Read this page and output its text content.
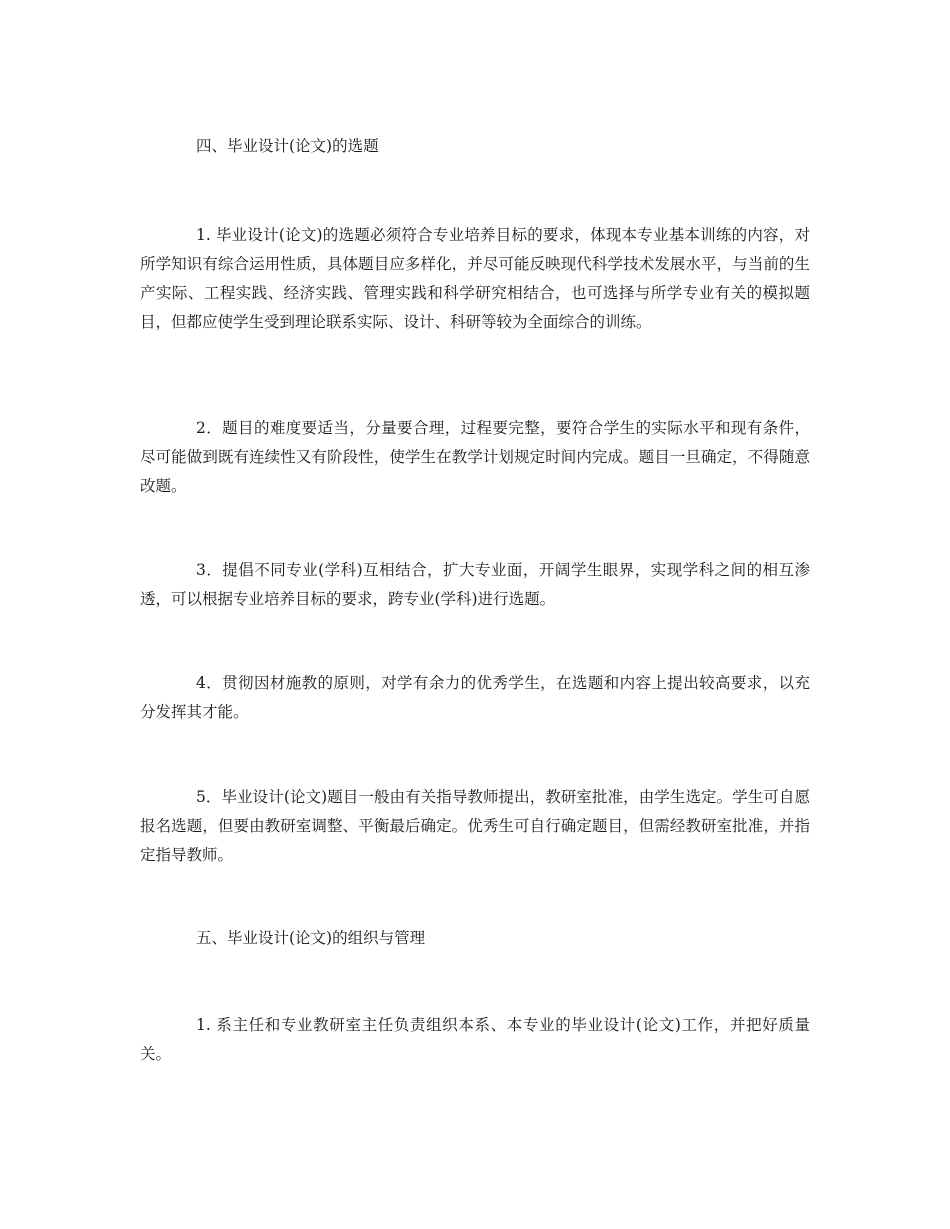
四、毕业设计(论文)的选题

1. 毕业设计(论文)的选题必须符合专业培养目标的要求，体现本专业基本训练的内容，对所学知识有综合运用性质，具体题目应多样化，并尽可能反映现代科学技术发展水平，与当前的生产实际、工程实践、经济实践、管理实践和科学研究相结合，也可选择与所学专业有关的模拟题目，但都应使学生受到理论联系实际、设计、科研等较为全面综合的训练。

2．题目的难度要适当，分量要合理，过程要完整，要符合学生的实际水平和现有条件，尽可能做到既有连续性又有阶段性，使学生在教学计划规定时间内完成。题目一旦确定，不得随意改题。

3．提倡不同专业(学科)互相结合，扩大专业面，开阔学生眼界，实现学科之间的相互渗透，可以根据专业培养目标的要求，跨专业(学科)进行选题。

4．贯彻因材施教的原则，对学有余力的优秀学生，在选题和内容上提出较高要求，以充分发挥其才能。

5．毕业设计(论文)题目一般由有关指导教师提出，教研室批准，由学生选定。学生可自愿报名选题，但要由教研室调整、平衡最后确定。优秀生可自行确定题目，但需经教研室批准，并指定指导教师。

五、毕业设计(论文)的组织与管理

1. 系主任和专业教研室主任负责组织本系、本专业的毕业设计(论文)工作，并把好质量关。
